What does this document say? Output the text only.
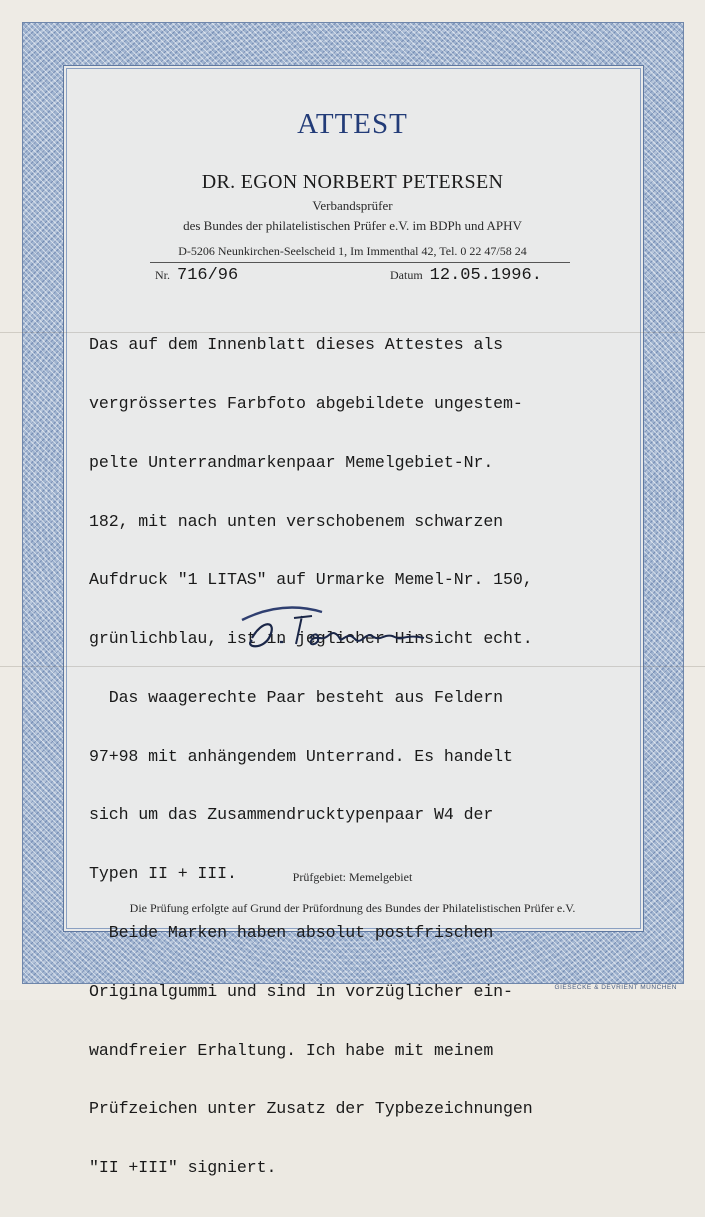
ATTEST
DR. EGON NORBERT PETERSEN
Verbandsprüfer
des Bundes der philatelistischen Prüfer e.V. im BDPh und APHV
D-5206 Neunkirchen-Seelscheid 1, Im Immenthal 42, Tel. 0 22 47/58 24
Nr. 716/96	Datum 12.05.1996.

Das auf dem Innenblatt dieses Attestes als

vergrössertes Farbfoto abgebildete ungestem-

pelte Unterrandmarkenpaar Memelgebiet-Nr.

182, mit nach unten verschobenem schwarzen

Aufdruck "1 LITAS" auf Urmarke Memel-Nr. 150,

grünlichblau, ist in jeglicher Hinsicht echt.

Das waagerechte Paar besteht aus Feldern

97+98 mit anhängendem Unterrand. Es handelt

sich um das Zusammendrucktypenpaar W4 der

Typen II + III.

Beide Marken haben absolut postfrischen

Originalgummi und sind in vorzüglicher ein-

wandfreier Erhaltung. Ich habe mit meinem

Prüfzeichen unter Zusatz der Typbezeichnungen

"II +III" signiert.

Prüfgebiet: Memelgebiet
Die Prüfung erfolgte auf Grund der Prüfordnung des Bundes der Philatelistischen Prüfer e.V.
GIESECKE & DEVRIENT MÜNCHEN
